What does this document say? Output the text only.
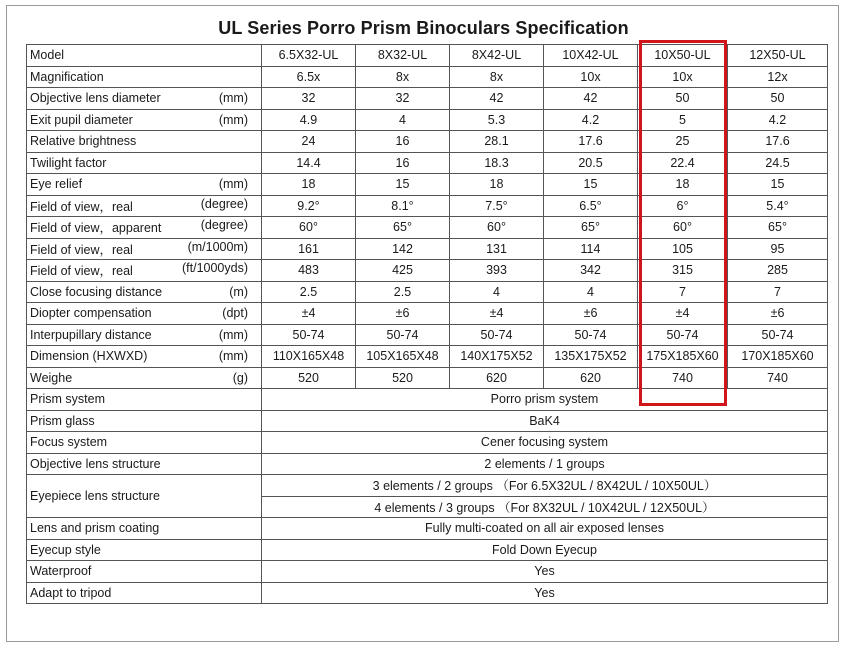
UL Series Porro Prism Binoculars Specification
Model	6.5X32-UL	8X32-UL	8X42-UL	10X42-UL	10X50-UL	12X50-UL

Magnification	6.5x	8x	8x	10x	10x	12x

Objective lens diameter (mm)	32	32	42	42	50	50

Exit pupil diameter (mm)	4.9	4	5.3	4.2	5	4.2

Relative brightness	24	16	28.1	17.6	25	17.6

Twilight factor	14.4	16	18.3	20.5	22.4	24.5

Eye relief (mm)	18	15	18	15	18	15

Field of view，real (degree)	9.2°	8.1°	7.5°	6.5°	6°	5.4°

Field of view，apparent (degree)	60°	65°	60°	65°	60°	65°

Field of view，real (m/1000m)	161	142	131	114	105	95

Field of view，real (ft/1000yds)	483	425	393	342	315	285

Close focusing distance (m)	2.5	2.5	4	4	7	7

Diopter compensation (dpt)	±4	±6	±4	±6	±4	±6

Interpupillary distance (mm)	50-74	50-74	50-74	50-74	50-74	50-74

Dimension (HXWXD) (mm)	110X165X48	105X165X48	140X175X52	135X175X52	175X185X60	170X185X60

Weighe (g)	520	520	620	620	740	740
Prism system	Porro prism system					
Prism glass	BaK4					
Focus system	Cener focusing system					
Objective lens structure	2 elements / 1 groups					
Eyepiece lens structure	3 elements / 2 groups （For 6.5X32UL / 8X42UL / 10X50UL）					
	4 elements / 3 groups （For 8X32UL / 10X42UL / 12X50UL）					
Lens and prism coating	Fully multi-coated on all air exposed lenses					
Eyecup style	Fold Down Eyecup					
Waterproof	Yes					
Adapt to tripod	Yes					
